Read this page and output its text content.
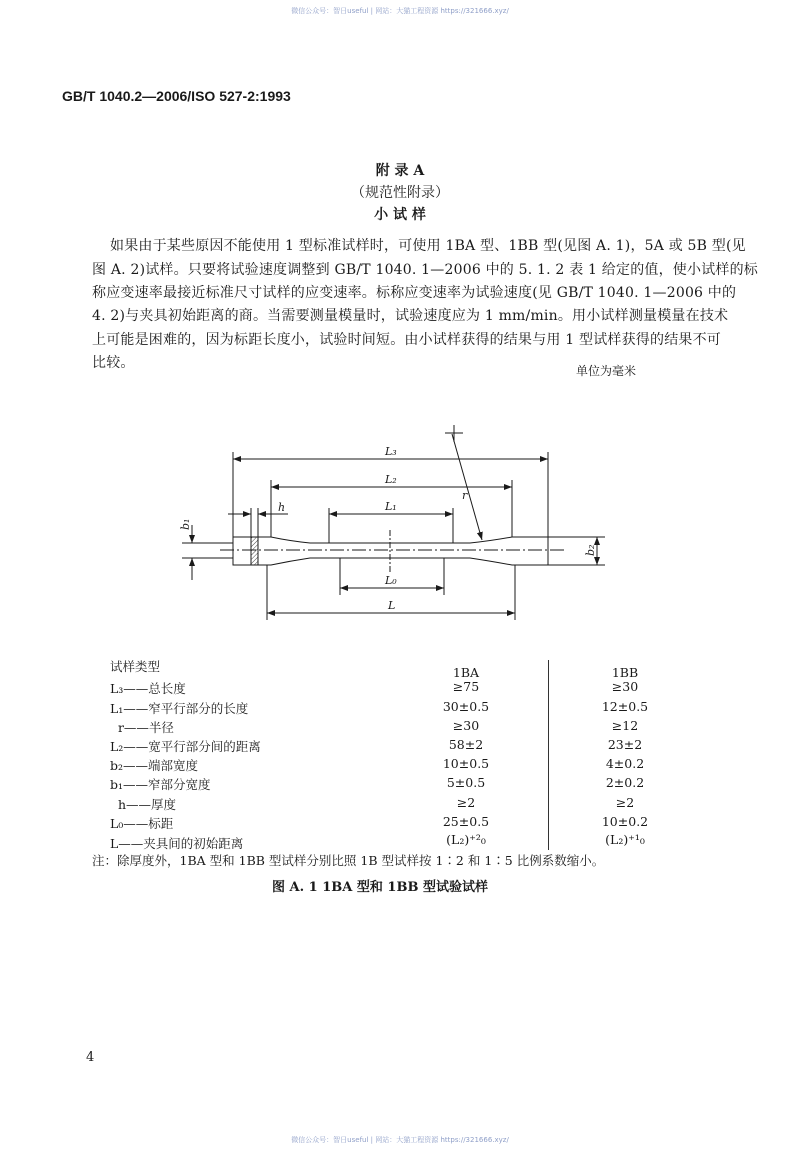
微信公众号：智日useful | 网站：大猫工程资源 https://321666.xyz/
GB/T 1040.2—2006/ISO 527-2:1993
附 录 A
（规范性附录）
小 试 样
如果由于某些原因不能使用 1 型标准试样时，可使用 1BA 型、1BB 型(见图 A. 1)，5A 或 5B 型(见
图 A. 2)试样。只要将试验速度调整到 GB/T 1040. 1—2006 中的 5. 1. 2 表 1 给定的值，使小试样的标
称应变速率最接近标准尺寸试样的应变速率。标称应变速率为试验速度(见 GB/T 1040. 1—2006 中的
4. 2)与夹具初始距离的商。当需要测量模量时，试验速度应为 1 mm/min。用小试样测量模量在技术
上可能是困难的，因为标距长度小，试验时间短。由小试样获得的结果与用 1 型试样获得的结果不可
比较。	单位为毫米
L₃
L₂
L₁
L₀
L
h
r
b₁
b₂
试样类型	1BA	1BB
L₃——总长度	≥75	≥30
L₁——窄平行部分的长度	30±0.5	12±0.5
r——半径	≥30	≥12
L₂——宽平行部分间的距离	58±2	23±2
b₂——端部宽度	10±0.5	4±0.2
b₁——窄部分宽度	5±0.5	2±0.2
h——厚度	≥2	≥2
L₀——标距	25±0.5	10±0.2
L——夹具间的初始距离	(L₂)⁺²₀	(L₂)⁺¹₀
注：除厚度外，1BA 型和 1BB 型试样分别比照 1B 型试样按 1∶2 和 1∶5 比例系数缩小。
图 A. 1 1BA 型和 1BB 型试验试样
4
微信公众号：智日useful | 网站：大猫工程资源 https://321666.xyz/
